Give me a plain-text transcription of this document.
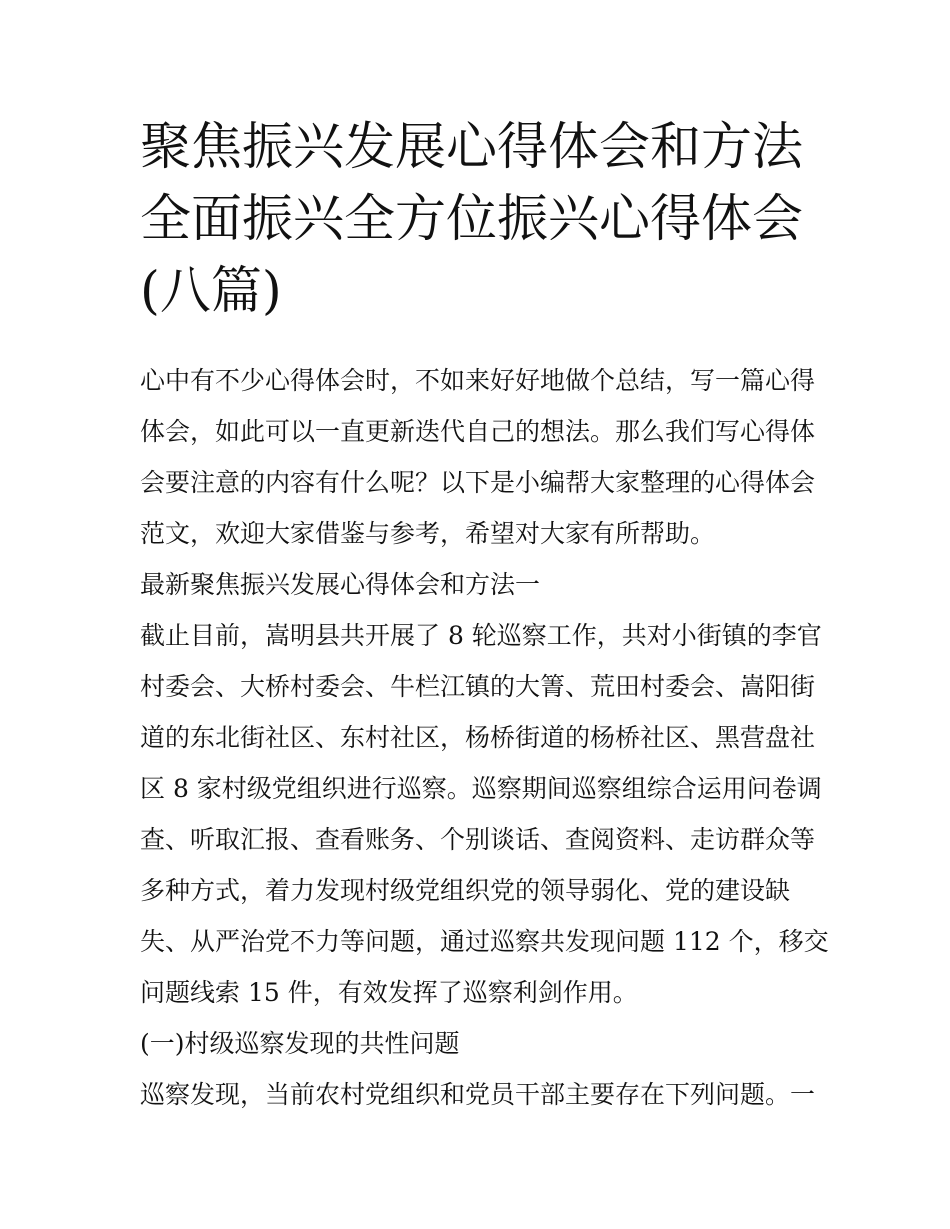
聚焦振兴发展心得体会和方法
全面振兴全方位振兴心得体会
(八篇)
心中有不少心得体会时，不如来好好地做个总结，写一篇心得
体会，如此可以一直更新迭代自己的想法。那么我们写心得体
会要注意的内容有什么呢？以下是小编帮大家整理的心得体会
范文，欢迎大家借鉴与参考，希望对大家有所帮助。
最新聚焦振兴发展心得体会和方法一
截止目前，嵩明县共开展了 8 轮巡察工作，共对小街镇的李官
村委会、大桥村委会、牛栏江镇的大箐、荒田村委会、嵩阳街
道的东北街社区、东村社区，杨桥街道的杨桥社区、黑营盘社
区 8 家村级党组织进行巡察。巡察期间巡察组综合运用问卷调
查、听取汇报、查看账务、个别谈话、查阅资料、走访群众等
多种方式，着力发现村级党组织党的领导弱化、党的建设缺
失、从严治党不力等问题，通过巡察共发现问题 112 个，移交
问题线索 15 件，有效发挥了巡察利剑作用。
(一)村级巡察发现的共性问题
巡察发现，当前农村党组织和党员干部主要存在下列问题。一
